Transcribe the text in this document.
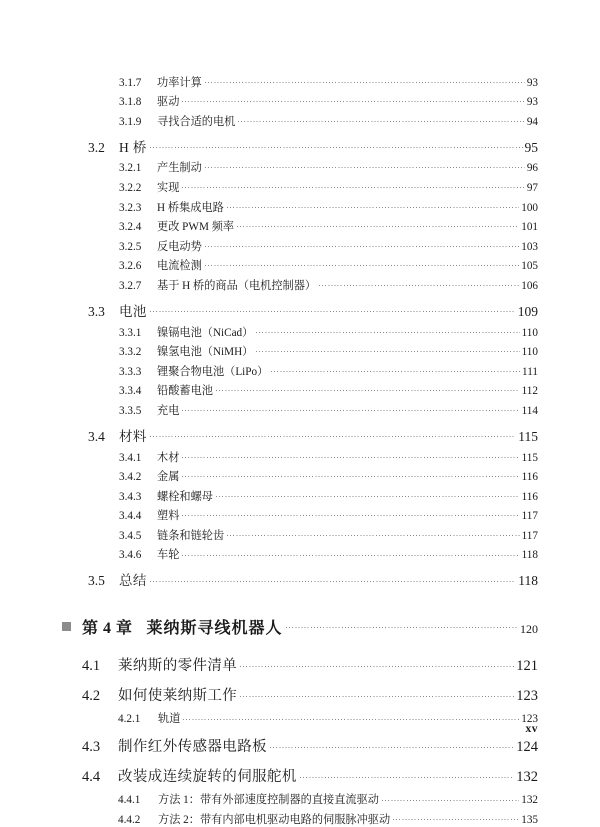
3.1.7	功率计算	93
3.1.8	驱动	93
3.1.9	寻找合适的电机	94
3.2	H 桥	95
3.2.1	产生制动	96
3.2.2	实现	97
3.2.3	H 桥集成电路	100
3.2.4	更改 PWM 频率	101
3.2.5	反电动势	103
3.2.6	电流检测	105
3.2.7	基于 H 桥的商品（电机控制器）	106
3.3	电池	109
3.3.1	镍镉电池（NiCad）	110
3.3.2	镍氢电池（NiMH）	110
3.3.3	锂聚合物电池（LiPo）	111
3.3.4	铅酸蓄电池	112
3.3.5	充电	114
3.4	材料	115
3.4.1	木材	115
3.4.2	金属	116
3.4.3	螺栓和螺母	116
3.4.4	塑料	117
3.4.5	链条和链轮齿	117
3.4.6	车轮	118
3.5	总结	118
第 4 章 莱纳斯寻线机器人	120
4.1	莱纳斯的零件清单	121
4.2	如何使莱纳斯工作	123
4.2.1	轨道	123
4.3	制作红外传感器电路板	124
4.4	改装成连续旋转的伺服舵机	132
4.4.1	方法 1：带有外部速度控制器的直接直流驱动	132
4.4.2	方法 2：带有内部电机驱动电路的伺服脉冲驱动	135
xv
